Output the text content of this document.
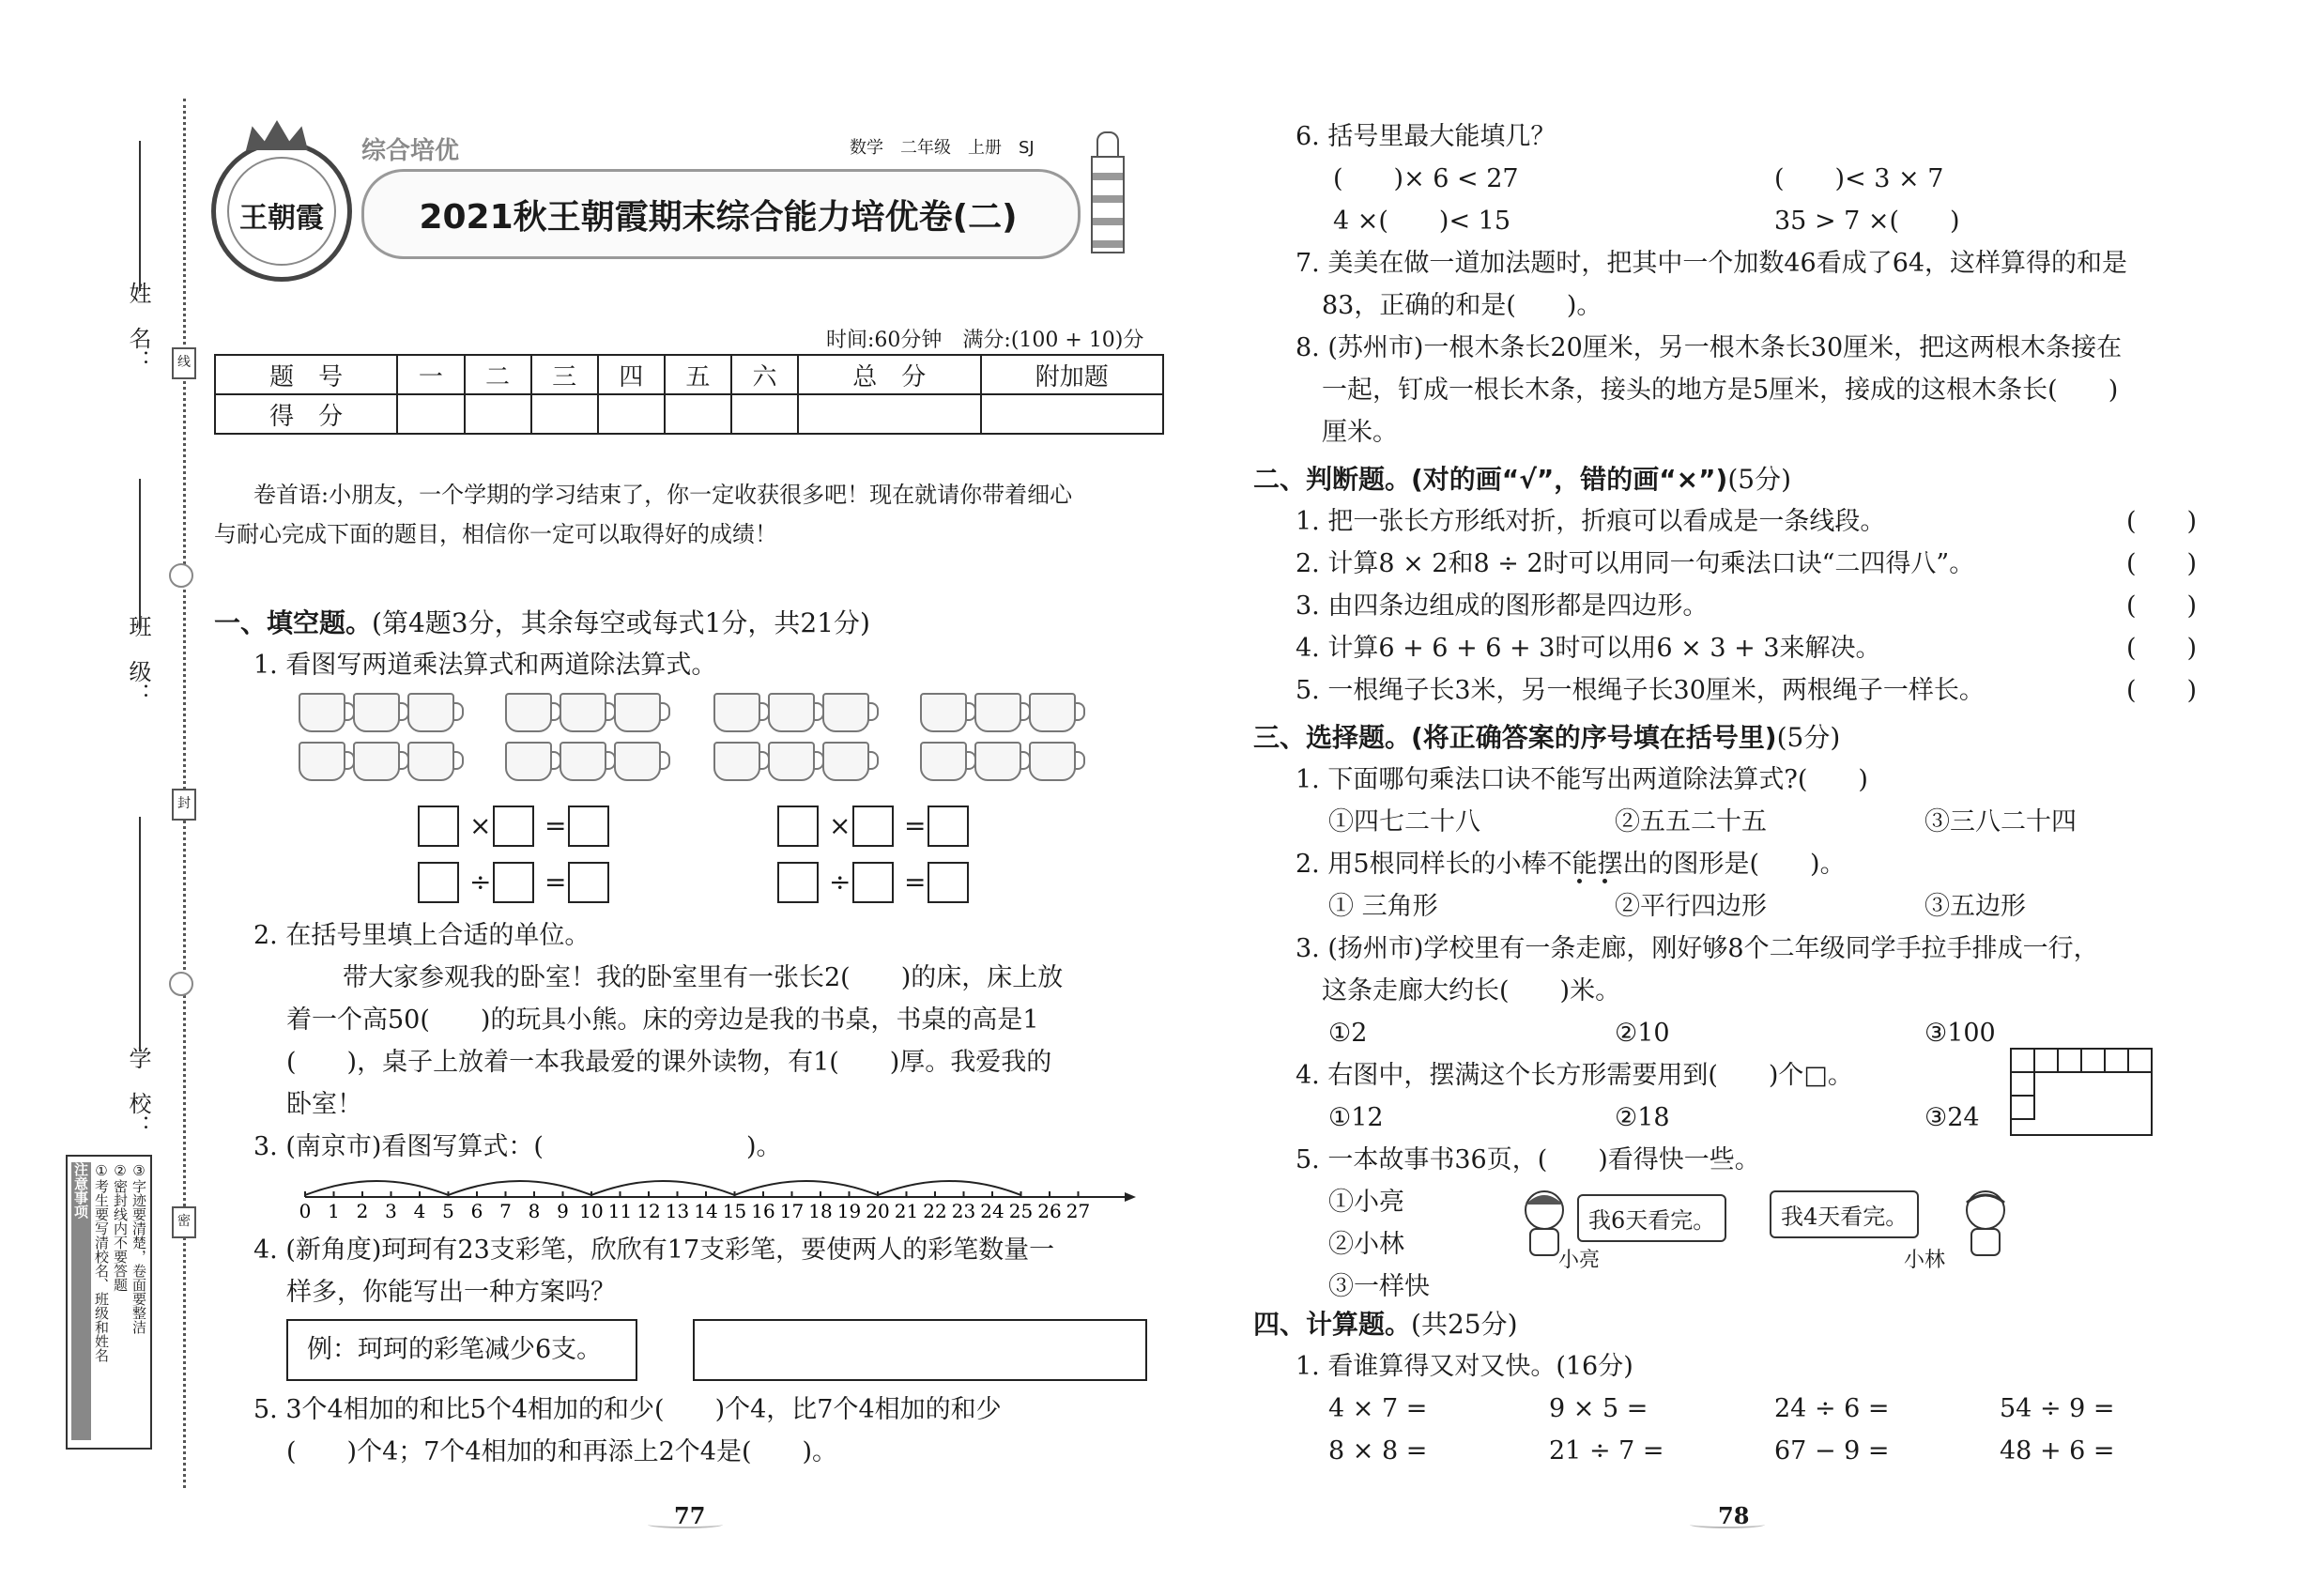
姓　名：
班　级：
学　校：
线
封
密
注意事项 ①考生要写清校名、班级和姓名 ②密封线内不要答题 ③字迹要清楚，卷面要整洁
王朝霞
综合培优	数学　二年级　上册　SJ
2021秋王朝霞期末综合能力培优卷(二)
时间:60分钟　满分:(100 + 10)分
题　号	一	二	三	四	五	六	总　分	附加题
得　分								
卷首语:小朋友，一个学期的学习结束了，你一定收获很多吧！现在就请你带着细心
与耐心完成下面的题目，相信你一定可以取得好的成绩！
一、填空题。(第4题3分，其余每空或每式1分，共21分)
1. 看图写两道乘法算式和两道除法算式。
× =
÷ =
× =
÷ =
2. 在括号里填上合适的单位。
带大家参观我的卧室！我的卧室里有一张长2(　　)的床，床上放
着一个高50(　　)的玩具小熊。床的旁边是我的书桌，书桌的高是1
(　　)，桌子上放着一本我最爱的课外读物，有1(　　)厚。我爱我的
卧室！
3. (南京市)看图写算式：(　　　　　　　　)。
0 1 2 3 4 5 6 7 8 9 10 11 12 13 14 15 16 17 18 19 20 21 22 23 24 25 26 27
4. (新角度)珂珂有23支彩笔，欣欣有17支彩笔，要使两人的彩笔数量一
样多，你能写出一种方案吗？
例：珂珂的彩笔减少6支。
5. 3个4相加的和比5个4相加的和少(　　)个4，比7个4相加的和少
(　　)个4；7个4相加的和再添上2个4是(　　)。
6. 括号里最大能填几？
(　　)× 6 < 27	(　　)< 3 × 7
4 ×(　　)< 15	35 > 7 ×(　　)
7. 美美在做一道加法题时，把其中一个加数46看成了64，这样算得的和是
83，正确的和是(　　)。
8. (苏州市)一根木条长20厘米，另一根木条长30厘米，把这两根木条接在
一起，钉成一根长木条，接头的地方是5厘米，接成的这根木条长(　　)
厘米。
二、判断题。(对的画“√”，错的画“×”)(5分)
1. 把一张长方形纸对折，折痕可以看成是一条线段。	(　　)
2. 计算8 × 2和8 ÷ 2时可以用同一句乘法口诀“二四得八”。	(　　)
3. 由四条边组成的图形都是四边形。	(　　)
4. 计算6 + 6 + 6 + 3时可以用6 × 3 + 3来解决。	(　　)
5. 一根绳子长3米，另一根绳子长30厘米，两根绳子一样长。	(　　)
三、选择题。(将正确答案的序号填在括号里)(5分)
1. 下面哪句乘法口诀不能写出两道除法算式?(　　)
①四七二十八	②五五二十五	③三八二十四
2. 用5根同样长的小棒不能摆出的图形是(　　)。
① 三角形	②平行四边形	③五边形
3. (扬州市)学校里有一条走廊，刚好够8个二年级同学手拉手排成一行，
这条走廊大约长(　　)米。
①2	②10	③100
4. 右图中，摆满这个长方形需要用到(　　)个□。
①12	②18	③24
5. 一本故事书36页，(　　)看得快一些。
①小亮
②小林
③一样快
我6天看完。
小亮
我4天看完。
小林
四、计算题。(共25分)
1. 看谁算得又对又快。(16分)
4 × 7 =	9 × 5 =	24 ÷ 6 =	54 ÷ 9 =
8 × 8 =	21 ÷ 7 =	67 − 9 =	48 + 6 =
77	78
